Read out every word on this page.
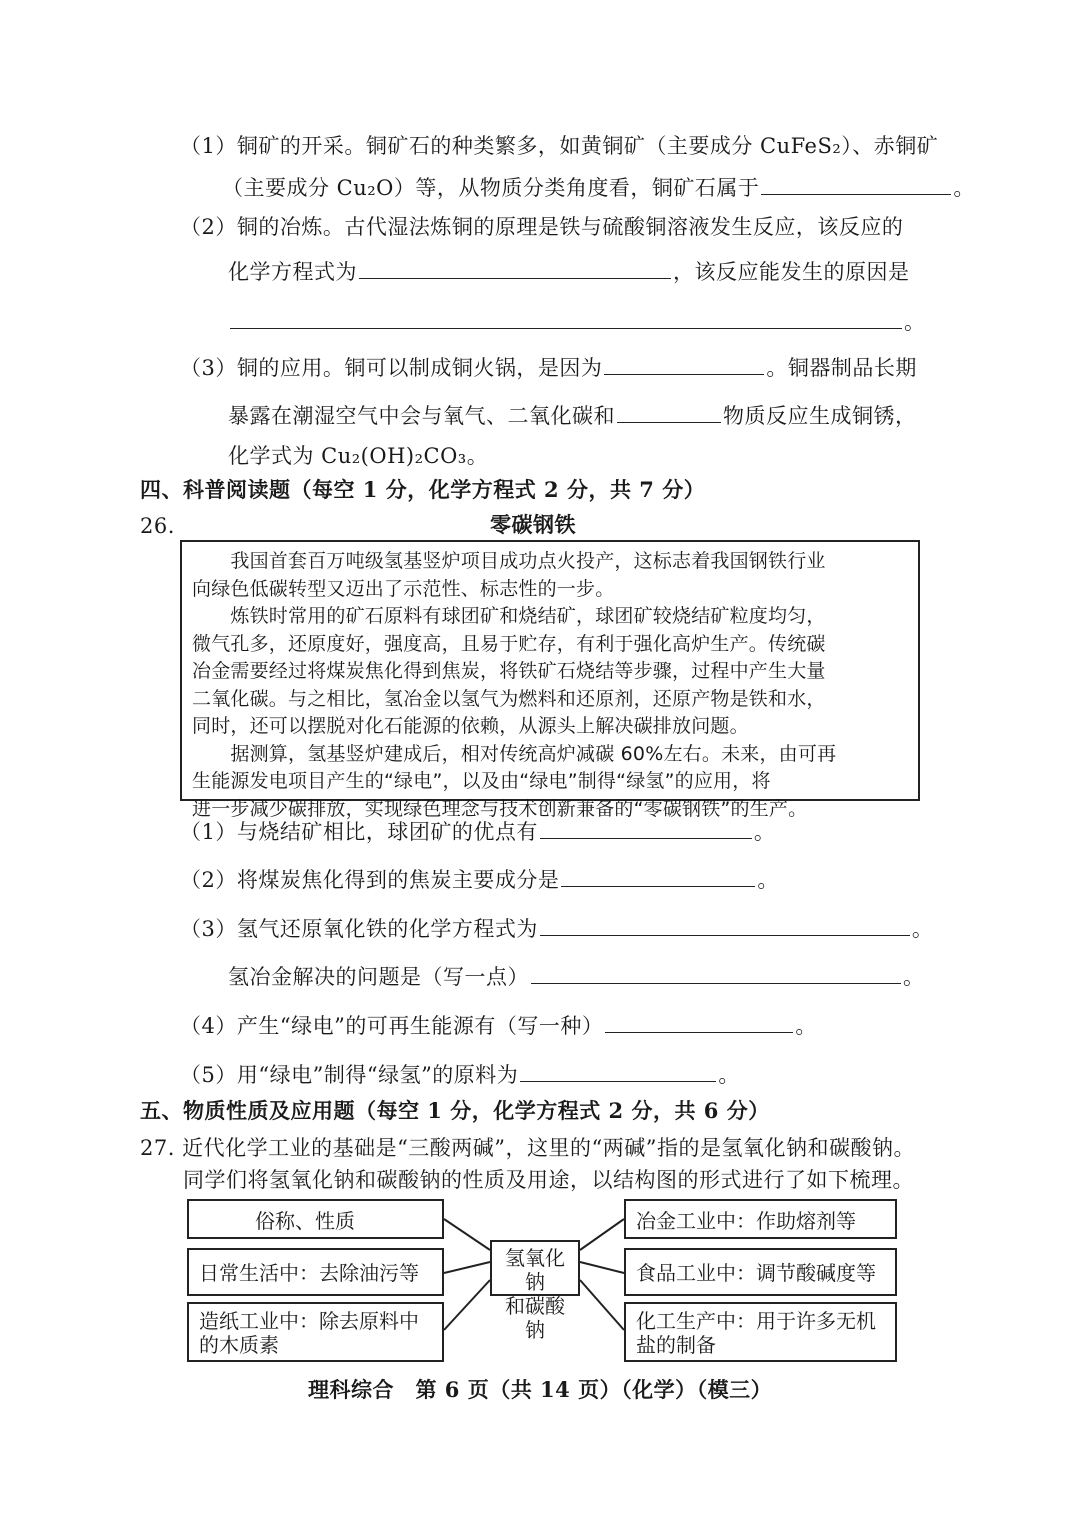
（1）铜矿的开采。铜矿石的种类繁多，如黄铜矿（主要成分 CuFeS₂）、赤铜矿
（主要成分 Cu₂O）等，从物质分类角度看，铜矿石属于	。
（2）铜的冶炼。古代湿法炼铜的原理是铁与硫酸铜溶液发生反应，该反应的
化学方程式为	，该反应能发生的原因是
。
（3）铜的应用。铜可以制成铜火锅，是因为	。铜器制品长期
暴露在潮湿空气中会与氧气、二氧化碳和	物质反应生成铜锈，
化学式为 Cu₂(OH)₂CO₃。
四、科普阅读题（每空 1 分，化学方程式 2 分，共 7 分）
26.	零碳钢铁

　　我国首套百万吨级氢基竖炉项目成功点火投产，这标志着我国钢铁行业

向绿色低碳转型又迈出了示范性、标志性的一步。

　　炼铁时常用的矿石原料有球团矿和烧结矿，球团矿较烧结矿粒度均匀，

微气孔多，还原度好，强度高，且易于贮存，有利于强化高炉生产。传统碳

冶金需要经过将煤炭焦化得到焦炭，将铁矿石烧结等步骤，过程中产生大量

二氧化碳。与之相比，氢冶金以氢气为燃料和还原剂，还原产物是铁和水，

同时，还可以摆脱对化石能源的依赖，从源头上解决碳排放问题。

　　据测算，氢基竖炉建成后，相对传统高炉减碳 60%左右。未来，由可再

生能源发电项目产生的“绿电”，以及由“绿电”制得“绿氢”的应用，将

进一步减少碳排放，实现绿色理念与技术创新兼备的“零碳钢铁”的生产。

（1）与烧结矿相比，球团矿的优点有	。
（2）将煤炭焦化得到的焦炭主要成分是	。
（3）氢气还原氧化铁的化学方程式为	。
氢冶金解决的问题是（写一点）	。
（4）产生“绿电”的可再生能源有（写一种）	。
（5）用“绿电”制得“绿氢”的原料为	。
五、物质性质及应用题（每空 1 分，化学方程式 2 分，共 6 分）
27. 近代化学工业的基础是“三酸两碱”，这里的“两碱”指的是氢氧化钠和碳酸钠。
同学们将氢氧化钠和碳酸钠的性质及用途，以结构图的形式进行了如下梳理。
俗称、性质
日常生活中：去除油污等
造纸工业中：除去原料中
的木质素
氢氧化钠
和碳酸钠
冶金工业中：作助熔剂等
食品工业中：调节酸碱度等
化工生产中：用于许多无机
盐的制备
理科综合　第 6 页（共 14 页）（化学）（模三）
